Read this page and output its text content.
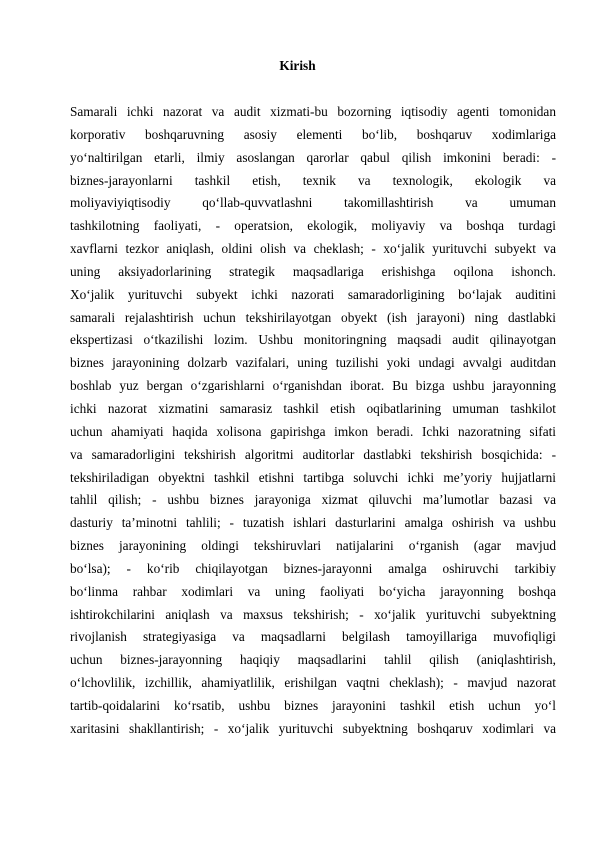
Kirish
Samarali ichki nazorat va audit xizmati-bu bozorning iqtisodiy agenti tomonidan
korporativ boshqaruvning asosiy elementi bo‘lib, boshqaruv xodimlariga
yo‘naltirilgan etarli, ilmiy asoslangan qarorlar qabul qilish imkonini beradi: -
biznes-jarayonlarni tashkil etish, texnik va texnologik, ekologik va
moliyaviyiqtisodiy qo‘llab-quvvatlashni takomillashtirish va umuman
tashkilotning faoliyati, - operatsion, ekologik, moliyaviy va boshqa turdagi
xavflarni tezkor aniqlash, oldini olish va cheklash; - xo‘jalik yurituvchi subyekt va
uning aksiyadorlarining strategik maqsadlariga erishishga oqilona ishonch.
Xo‘jalik yurituvchi subyekt ichki nazorati samaradorligining bo‘lajak auditini
samarali rejalashtirish uchun tekshirilayotgan obyekt (ish jarayoni) ning dastlabki
ekspertizasi o‘tkazilishi lozim. Ushbu monitoringning maqsadi audit qilinayotgan
biznes jarayonining dolzarb vazifalari, uning tuzilishi yoki undagi avvalgi auditdan
boshlab yuz bergan o‘zgarishlarni o‘rganishdan iborat. Bu bizga ushbu jarayonning
ichki nazorat xizmatini samarasiz tashkil etish oqibatlarining umuman tashkilot
uchun ahamiyati haqida xolisona gapirishga imkon beradi. Ichki nazoratning sifati
va samaradorligini tekshirish algoritmi auditorlar dastlabki tekshirish bosqichida: -
tekshiriladigan obyektni tashkil etishni tartibga soluvchi ichki me’yoriy hujjatlarni
tahlil qilish; - ushbu biznes jarayoniga xizmat qiluvchi ma’lumotlar bazasi va
dasturiy ta’minotni tahlili; - tuzatish ishlari dasturlarini amalga oshirish va ushbu
biznes jarayonining oldingi tekshiruvlari natijalarini o‘rganish (agar mavjud
bo‘lsa); - ko‘rib chiqilayotgan biznes-jarayonni amalga oshiruvchi tarkibiy
bo‘linma rahbar xodimlari va uning faoliyati bo‘yicha jarayonning boshqa
ishtirokchilarini aniqlash va maxsus tekshirish; - xo‘jalik yurituvchi subyektning
rivojlanish strategiyasiga va maqsadlarni belgilash tamoyillariga muvofiqligi
uchun biznes-jarayonning haqiqiy maqsadlarini tahlil qilish (aniqlashtirish,
o‘lchovlilik, izchillik, ahamiyatlilik, erishilgan vaqtni cheklash); - mavjud nazorat
tartib-qoidalarini ko‘rsatib, ushbu biznes jarayonini tashkil etish uchun yo‘l
xaritasini shakllantirish; - xo‘jalik yurituvchi subyektning boshqaruv xodimlari va
